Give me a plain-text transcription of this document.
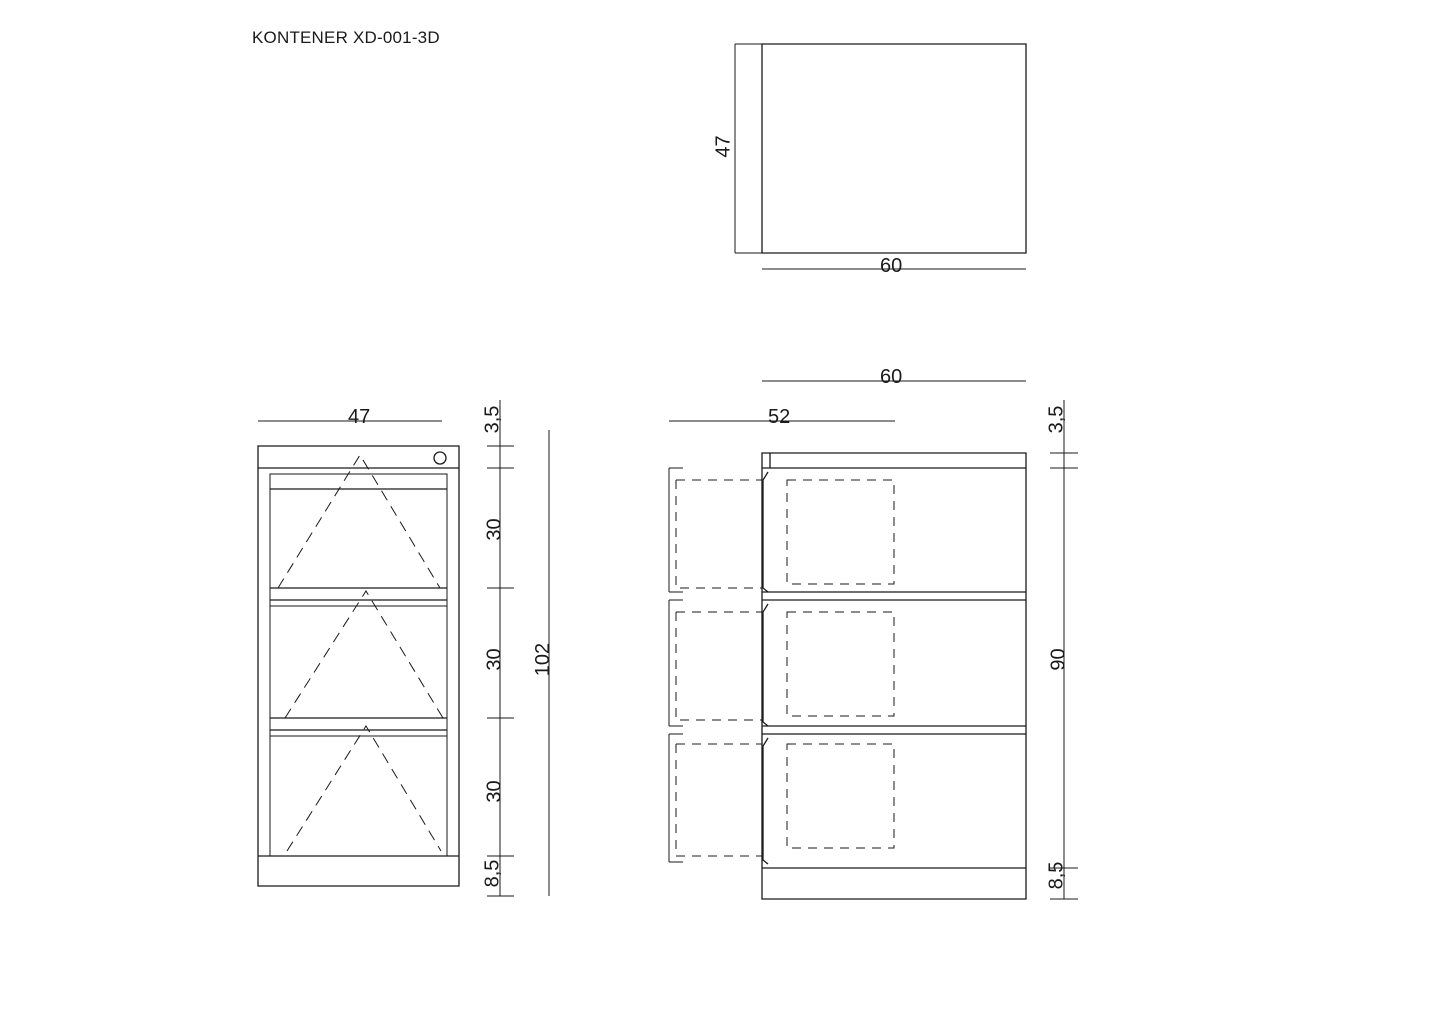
KONTENER XD-001-3D
47
60
47	3,5
30
30
30
8,5
102
60
52	3,5
90
8,5
